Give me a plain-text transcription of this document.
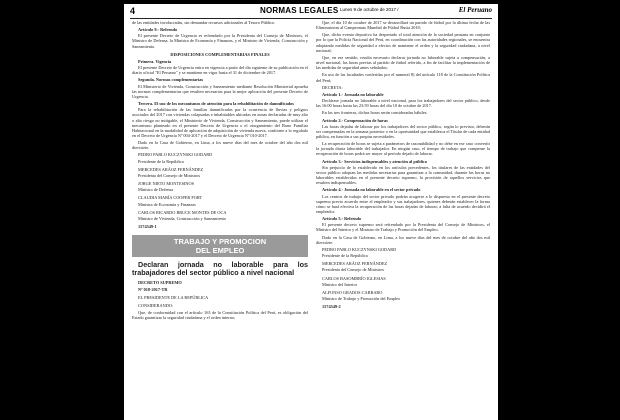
4	NORMAS LEGALES Lunes 9 de octubre de 2017 /	El Peruano

de las entidades involucradas, sin demandar recursos adicionales al Tesoro Público.

Artículo 9.- Refrendo

El presente Decreto de Urgencia es refrendado por la Presidenta del Consejo de Ministros, el Ministro de Defensa, la Ministra de Economía y Finanzas, y el Ministro de Vivienda, Construcción y Saneamiento.

DISPOSICIONES COMPLEMENTARIAS FINALES

Primera. Vigencia

El presente Decreto de Urgencia entra en vigencia a partir del día siguiente de su publicación en el diario oficial "El Peruano" y se mantiene en vigor hasta el 31 de diciembre de 2017.

Segunda. Normas complementarias

El Ministerio de Vivienda, Construcción y Saneamiento mediante Resolución Ministerial aprueba las normas complementarias que resulten necesarias para la mejor aplicación del presente Decreto de Urgencia.

Tercera. El uso de los mecanismos de atención para la rehabilitación de damnificados

Para la rehabilitación de las familias damnificadas por la ocurrencia de lluvias y peligros asociados del 2017 con viviendas colapsadas e inhabitables ubicadas en zonas declaradas de muy alto o alto riesgo no mitigable, el Ministerio de Vivienda, Construcción y Saneamiento, puede utilizar el mecanismo planteado en el presente Decreto de Urgencia o el otorgamiento del Bono Familiar Habitacional en la modalidad de aplicación de adquisición de vivienda nueva, conforme a lo regulado en el Decreto de Urgencia Nº 004-2017 y el Decreto de Urgencia Nº 010-2017.

Dado en la Casa de Gobierno, en Lima, a los nueve días del mes de octubre del año dos mil diecisiete.

PEDRO PABLO KUCZYNSKI GODARD

Presidente de la República

MERCEDES ARÁOZ FERNÁNDEZ

Presidenta del Consejo de Ministros

JORGE NIETO MONTESINOS

Ministro de Defensa

CLAUDIA MARÍA COOPER FORT

Ministra de Economía y Finanzas

CARLOS RICARDO BRUCE MONTES DE OCA

Ministro de Vivienda, Construcción y Saneamiento

1574549-1

TRABAJO Y PROMOCION
DEL EMPLEO

Declaran jornada no laborable para los trabajadores del sector público a nivel nacional

DECRETO SUPREMO

Nº 018-2017-TR

EL PRESIDENTE DE LA REPÚBLICA

CONSIDERANDO:

Que, de conformidad con el artículo 163 de la Constitución Política del Perú, es obligación del Estado garantizar la seguridad ciudadana y el orden interno;

Que, el día 10 de octubre de 2017 se desarrollará un partido de fútbol por la última fecha de las Eliminatorias al Campeonato Mundial de Fútbol Rusia 2018;

Que, dicho evento deportivo ha despertado el total atención de la sociedad peruana en conjunto por lo que la Policía Nacional del Perú, en coordinación con las autoridades regionales, se encuentra adoptando medidas de seguridad a efectos de mantener el orden y la seguridad ciudadana, a nivel nacional;

Que, en ese sentido, resulta necesario declarar jornada no laborable sujeta a compensación, a nivel nacional, las horas previas al partido de fútbol referido, a fin de facilitar la implementación de las medidas de seguridad antes señaladas;

En uso de las facultades conferidas por el numeral 8) del artículo 118 de la Constitución Política del Perú;

DECRETA:

Artículo 1.- Jornada no laborable

Declárase jornada no laborable a nivel nacional, para los trabajadores del sector público, desde las 16:00 horas hasta las 23:59 horas del día 10 de octubre de 2017.

En las tres fronteras, dichas horas serán consideradas hábiles.

Artículo 2.- Compensación de horas

Las horas dejadas de laborar por los trabajadores del sector público, según lo previsto, deberán ser compensadas en la semana posterior o en la oportunidad que establezca el Titular de cada entidad pública, en función a sus propias necesidades.

La recuperación de horas se sujeta a parámetros de razonabilidad y no debe en ese caso convertir la jornada diaria laborable del trabajador. En ningún caso, el tiempo de trabajo que compense la recuperación de horas podrá ser mayor al período dejado de laborar.

Artículo 3.- Servicios indispensables y atención al público

Sin perjuicio de lo establecido en los artículos precedentes, los titulares de las entidades del sector público adoptan las medidas necesarias para garantizar a la comunidad, durante las horas no laborables establecidas en el presente decreto supremo, la provisión de aquellos servicios que resulten indispensables.

Artículo 4.- Jornada no laborable en el sector privado

Los centros de trabajo del sector privado podrán acogerse a lo dispuesto en el presente decreto supremo previo acuerdo entre el empleador y sus trabajadores, quienes deberán establecer la forma cómo se hará efectiva la recuperación de las horas dejadas de laborar; a falta de acuerdo decidirá el empleador.

Artículo 5.- Refrendo

El presente decreto supremo será refrendado por la Presidenta del Consejo de Ministros, el Ministro del Interior y el Ministro de Trabajo y Promoción del Empleo.

Dado en la Casa de Gobierno, en Lima, a los nueve días del mes de octubre del año dos mil diecisiete.

PEDRO PABLO KUCZYNSKI GODARD

Presidente de la República

MERCEDES ARÁOZ FERNÁNDEZ

Presidenta del Consejo de Ministros

CARLOS BASOMBRÍO IGLESIAS

Ministro del Interior

ALFONSO GRADOS CARRARO

Ministro de Trabajo y Promoción del Empleo

1574549-2
